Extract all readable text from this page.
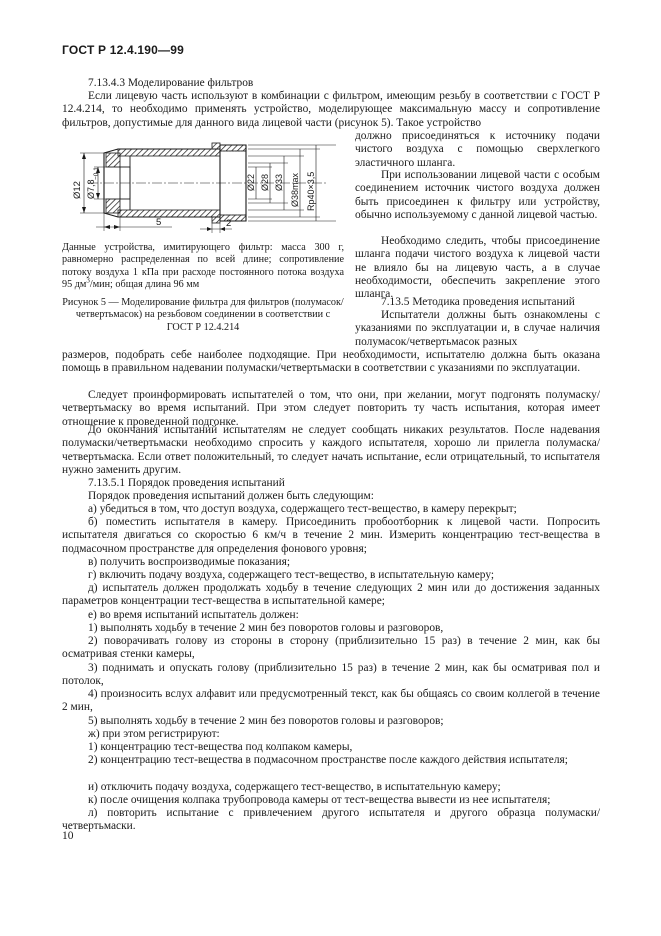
ГОСТ Р 12.4.190—99

7.13.4.3 Моделирование фильтров

Если лицевую часть используют в комбинации с фильтром, имеющим резьбу в соответствии с ГОСТ Р 12.4.214, то необходимо применять устройство, моделирующее максимальную массу и сопротивление фильтров, допустимые для данного вида лицевой части (рисунок 5). Такое устройство

должно присоединяться к источнику подачи чистого воздуха с помощью сверхлегкого эластичного шланга.

При использовании лицевой части с особым соединением источник чистого воздуха должен быть присоединен к фильтру или устройству, обычно используемому с данной лицевой частью.

Необходимо следить, чтобы присоединение шланга подачи чистого воздуха к лицевой части не влияло бы на лицевую часть, а в случае необходимости, обеспечить закрепление этого шланга.

7.13.5 Методика проведения испытаний

Испытатели должны быть ознакомлены с указаниями по эксплуатации и, в случае наличия полумасок/четвертьмасок разных

Ø12 Ø7,8
−0,1
5	2
Ø22 Ø28 Ø33 Ø38max Rp40×3,5
Данные устройства, имитирующего фильтр: масса 300 г, равномерно распределенная по всей длине; сопротивление потоку воздуха 1 кПа при расходе постоянного потока воздуха 95 $дм^3$/мин; общая длина 96 мм
Рисунок 5 — Моделирование фильтра для фильтров (полумасок/четвертьмасок) на резьбовом соединении в соответствии с ГОСТ Р 12.4.214

размеров, подобрать себе наиболее подходящие. При необходимости, испытателю должна быть оказана помощь в правильном надевании полумаски/четвертьмаски в соответствии с указаниями по эксплуатации.

Следует проинформировать испытателей о том, что они, при желании, могут подгонять полумаску/четвертьмаску во время испытаний. При этом следует повторить ту часть испытания, которая имеет отношение к проведенной подгонке.

До окончания испытаний испытателям не следует сообщать никаких результатов. После надевания полумаски/четвертьмаски необходимо спросить у каждого испытателя, хорошо ли прилегла полумаска/четвертьмаска. Если ответ положительный, то следует начать испытание, если отрицательный, то испытателя нужно заменить другим.

7.13.5.1 Порядок проведения испытаний

Порядок проведения испытаний должен быть следующим:

а) убедиться в том, что доступ воздуха, содержащего тест-вещество, в камеру перекрыт;

б) поместить испытателя в камеру. Присоединить пробоотборник к лицевой части. Попросить испытателя двигаться со скоростью 6 км/ч в течение 2 мин. Измерить концентрацию тест-вещества в подмасочном пространстве для определения фонового уровня;

в) получить воспроизводимые показания;

г) включить подачу воздуха, содержащего тест-вещество, в испытательную камеру;

д) испытатель должен продолжать ходьбу в течение следующих 2 мин или до достижения заданных параметров концентрации тест-вещества в испытательной камере;

е) во время испытаний испытатель должен:

1) выполнять ходьбу в течение 2 мин без поворотов головы и разговоров,

2) поворачивать голову из стороны в сторону (приблизительно 15 раз) в течение 2 мин, как бы осматривая стенки камеры,

3) поднимать и опускать голову (приблизительно 15 раз) в течение 2 мин, как бы осматривая пол и потолок,

4) произносить вслух алфавит или предусмотренный текст, как бы общаясь со своим коллегой в течение 2 мин,

5) выполнять ходьбу в течение 2 мин без поворотов головы и разговоров;

ж) при этом регистрируют:

1) концентрацию тест-вещества под колпаком камеры,

2) концентрацию тест-вещества в подмасочном пространстве после каждого действия испытателя;

и) отключить подачу воздуха, содержащего тест-вещество, в испытательную камеру;

к) после очищения колпака трубопровода камеры от тест-вещества вывести из нее испытателя;

л) повторить испытание с привлечением другого испытателя и другого образца полумаски/четвертьмаски.

10
